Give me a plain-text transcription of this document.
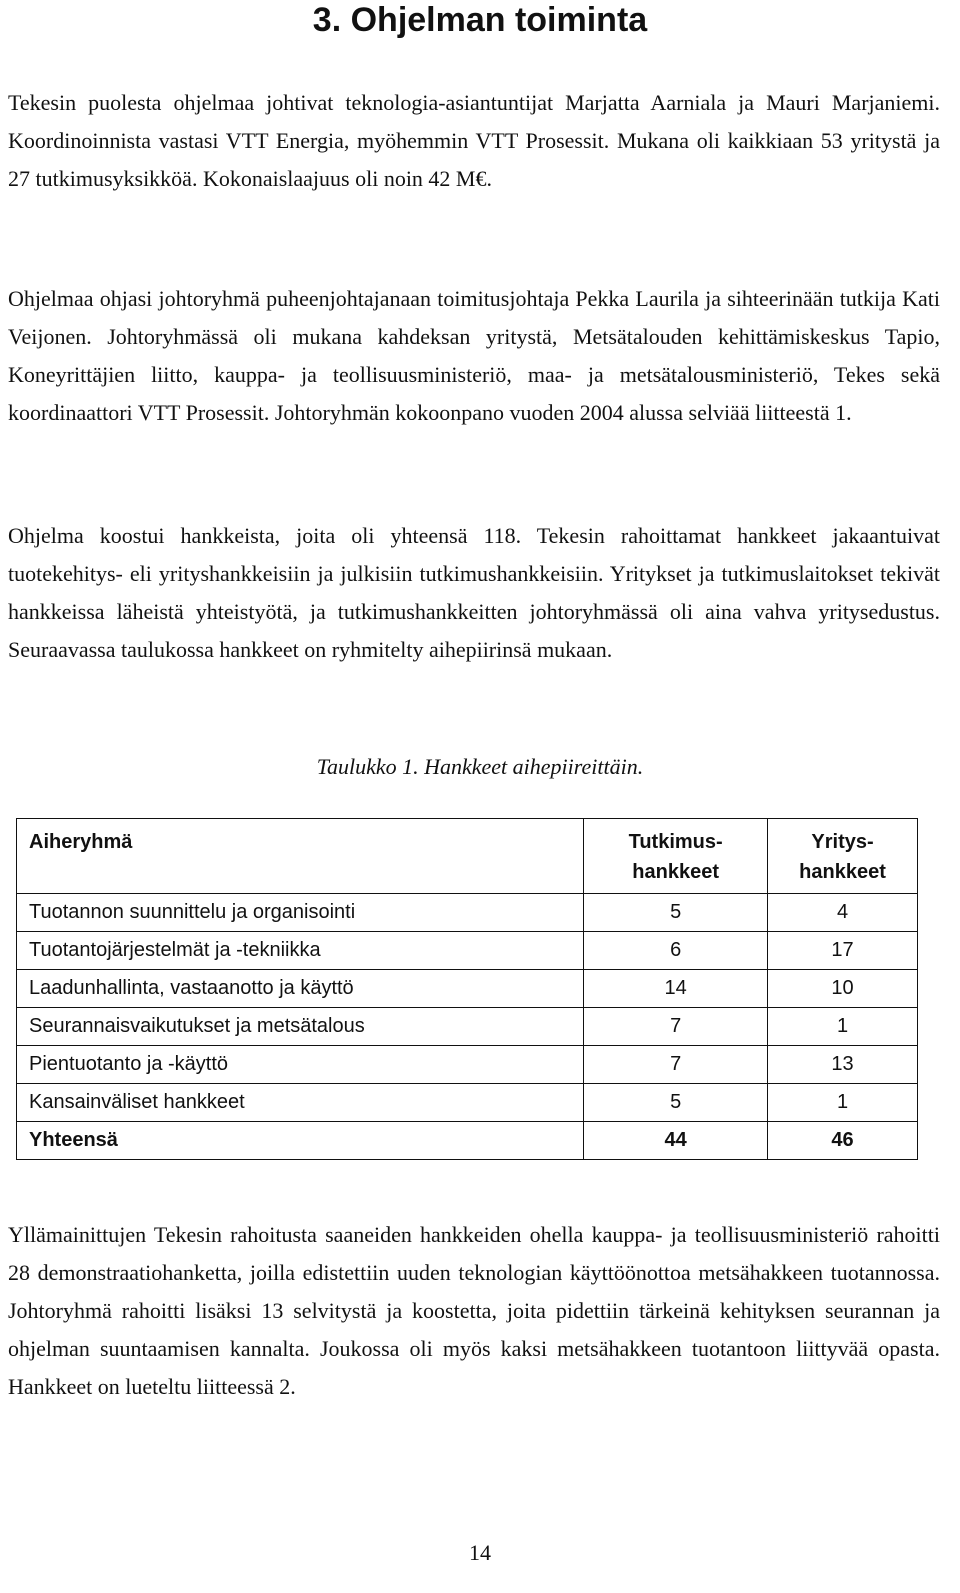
3. Ohjelman toiminta

Tekesin puolesta ohjelmaa johtivat teknologia-asiantuntijat Marjatta Aarniala ja Mauri Marjaniemi. Koordinoinnista vastasi VTT Energia, myöhemmin VTT Prosessit. Mukana oli kaikkiaan 53 yritystä ja 27 tutkimusyksikköä. Kokonaislaajuus oli noin 42 M€.

Ohjelmaa ohjasi johtoryhmä puheenjohtajanaan toimitusjohtaja Pekka Laurila ja sihteerinään tutkija Kati Veijonen. Johtoryhmässä oli mukana kahdeksan yritystä, Metsätalouden kehittämiskeskus Tapio, Koneyrittäjien liitto, kauppa- ja teollisuusministeriö, maa- ja metsätalousministeriö, Tekes sekä koordinaattori VTT Prosessit. Johtoryhmän kokoonpano vuoden 2004 alussa selviää liitteestä 1.

Ohjelma koostui hankkeista, joita oli yhteensä 118. Tekesin rahoittamat hankkeet jakaantuivat tuotekehitys- eli yrityshankkeisiin ja julkisiin tutkimushankkeisiin. Yritykset ja tutkimuslaitokset tekivät hankkeissa läheistä yhteistyötä, ja tutkimushankkeitten johtoryhmässä oli aina vahva yritysedustus. Seuraavassa taulukossa hankkeet on ryhmitelty aihepiirinsä mukaan.

Taulukko 1. Hankkeet aihepiireittäin.
Aiheryhmä	Tutkimus- hankkeet	Yritys- hankkeet
Tuotannon suunnittelu ja organisointi	5	4
Tuotantojärjestelmät ja -tekniikka	6	17
Laadunhallinta, vastaanotto ja käyttö	14	10
Seurannaisvaikutukset ja metsätalous	7	1
Pientuotanto ja -käyttö	7	13
Kansainväliset hankkeet	5	1
Yhteensä	44	46

Yllämainittujen Tekesin rahoitusta saaneiden hankkeiden ohella kauppa- ja teollisuusministeriö rahoitti 28 demonstraatiohanketta, joilla edistettiin uuden teknologian käyttöönottoa metsähakkeen tuotannossa. Johtoryhmä rahoitti lisäksi 13 selvitystä ja koostetta, joita pidettiin tärkeinä kehityksen seurannan ja ohjelman suuntaamisen kannalta. Joukossa oli myös kaksi metsähakkeen tuotantoon liittyvää opasta. Hankkeet on lueteltu liitteessä 2.

14
